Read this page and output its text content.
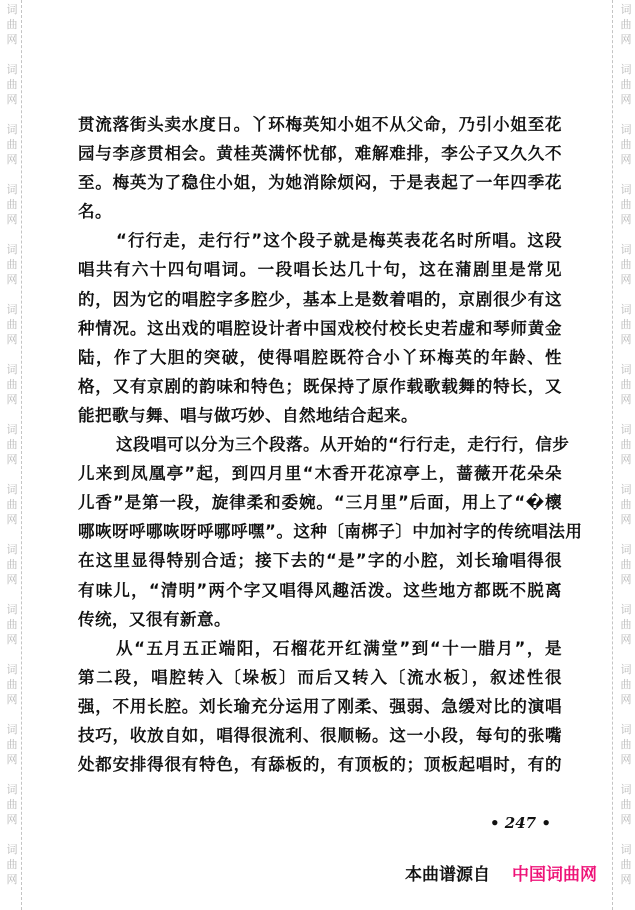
词
曲
网
词
曲
网
词
曲
网
词
曲
网
词
曲
网
词
曲
网
词
曲
网
词
曲
网
词
曲
网
词
曲
网
词
曲
网
词
曲
网
词
曲
网
词
曲
网
词
曲
网
词
曲
网
词
曲
网
词
曲
网
词
曲
网
词
曲
网
词
曲
网
词
曲
网
词
曲
网
词
曲
网
词
曲
网
词
曲
网
词
曲
网
词
曲
网
词
曲
网
词
曲
网
贯流落街头卖水度日。丫环梅英知小姐不从父命，乃引小姐至花
园与李彦贯相会。黄桂英满怀忧郁，难解难排，李公子又久久不
至。梅英为了稳住小姐，为她消除烦闷，于是表起了一年四季花
名。
“行行走，走行行”这个段子就是梅英表花名时所唱。这段
唱共有六十四句唱词。一段唱长达几十句，这在蒲剧里是常见
的，因为它的唱腔字多腔少，基本上是数着唱的，京剧很少有这
种情况。这出戏的唱腔设计者中国戏校付校长史若虚和琴师黄金
陆，作了大胆的突破，使得唱腔既符合小丫环梅英的年龄、性
格，又有京剧的韵味和特色；既保持了原作载歌载舞的特长，又
能把歌与舞、唱与做巧妙、自然地结合起来。
这段唱可以分为三个段落。从开始的“行行走，走行行，信步
儿来到凤凰亭”起，到四月里“木香开花凉亭上，蔷薇开花朵朵
儿香”是第一段，旋律柔和委婉。“三月里”后面，用上了“�櫰
哪咴呀呼哪咴呀呼哪呼嘿”。这种〔南梆子〕中加衬字的传统唱法用
在这里显得特别合适；接下去的“是”字的小腔，刘长瑜唱得很
有味儿，“清明”两个字又唱得风趣活泼。这些地方都既不脱离
传统，又很有新意。
从“五月五正端阳，石榴花开红满堂”到“十一腊月”，是
第二段，唱腔转入〔垛板〕而后又转入〔流水板〕，叙述性很
强，不用长腔。刘长瑜充分运用了刚柔、强弱、急缓对比的演唱
技巧，收放自如，唱得很流利、很顺畅。这一小段，每句的张嘴
处都安排得很有特色，有舔板的，有顶板的；顶板起唱时，有的
• 247 •
本曲谱源自 中国词曲网
